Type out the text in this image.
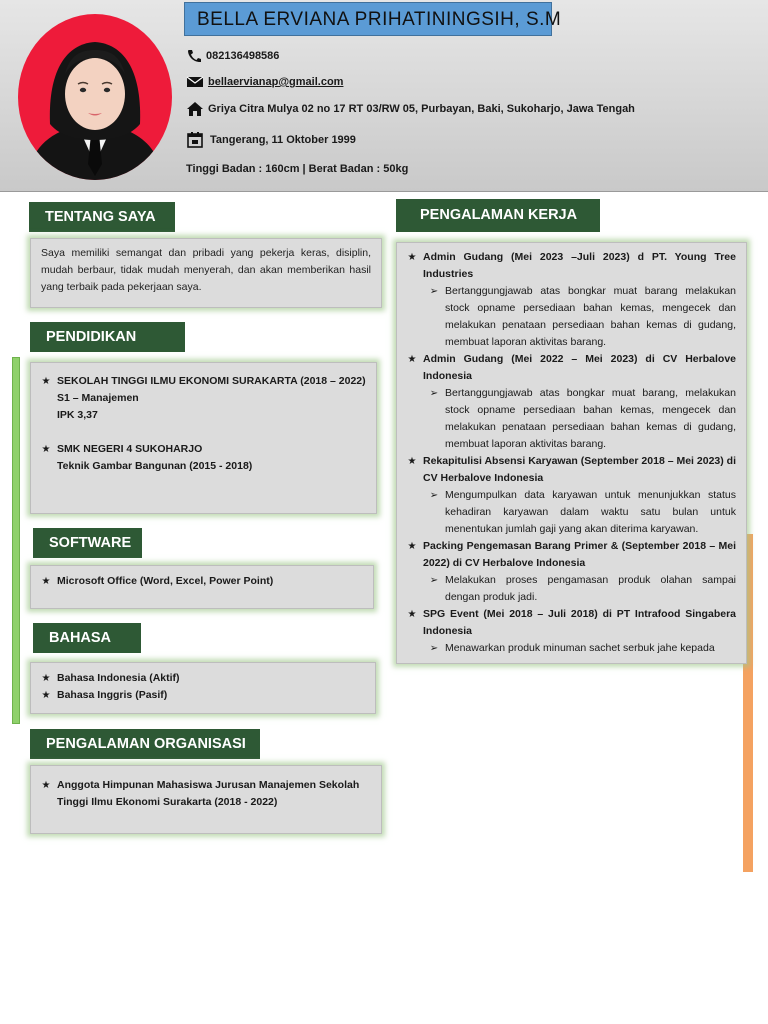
BELLA ERVIANA PRIHATININGSIH, S.M
082136498586
bellaervianap@gmail.com
Griya Citra Mulya 02 no 17 RT 03/RW 05, Purbayan, Baki, Sukoharjo, Jawa Tengah
Tangerang, 11 Oktober 1999
Tinggi Badan : 160cm | Berat Badan : 50kg
TENTANG SAYA
Saya memiliki semangat dan pribadi yang pekerja keras, disiplin, mudah berbaur, tidak mudah menyerah, dan akan memberikan hasil yang terbaik pada pekerjaan saya.
PENDIDIKAN
★ SEKOLAH TINGGI ILMU EKONOMI SURAKARTA (2018 – 2022)
S1 – Manajemen
IPK 3,37
★ SMK NEGERI 4 SUKOHARJO
Teknik Gambar Bangunan (2015 - 2018)
SOFTWARE
★ Microsoft Office (Word, Excel, Power Point)
BAHASA
★ Bahasa Indonesia (Aktif)
★ Bahasa Inggris (Pasif)
PENGALAMAN ORGANISASI
★ Anggota Himpunan Mahasiswa Jurusan Manajemen Sekolah Tinggi Ilmu Ekonomi Surakarta (2018 - 2022)
PENGALAMAN KERJA
★ Admin Gudang (Mei 2023 –Juli 2023) d PT. Young Tree Industries
➢ Bertanggungjawab atas bongkar muat barang melakukan stock opname persediaan bahan kemas, mengecek dan melakukan penataan persediaan bahan kemas di gudang, membuat laporan aktivitas barang.
★ Admin Gudang (Mei 2022 – Mei 2023) di CV Herbalove Indonesia
➢ Bertanggungjawab atas bongkar muat barang, melakukan stock opname persediaan bahan kemas, mengecek dan melakukan penataan persediaan bahan kemas di gudang, membuat laporan aktivitas barang.
★ Rekapitulisi Absensi Karyawan (September 2018 – Mei 2023) di CV Herbalove Indonesia
➢ Mengumpulkan data karyawan untuk menunjukkan status kehadiran karyawan dalam waktu satu bulan untuk menentukan jumlah gaji yang akan diterima karyawan.
★ Packing Pengemasan Barang Primer & (September 2018 – Mei 2022) di CV Herbalove Indonesia
➢ Melakukan proses pengamasan produk olahan sampai dengan produk jadi.
★ SPG Event (Mei 2018 – Juli 2018) di PT Intrafood Singabera Indonesia
➢ Menawarkan produk minuman sachet serbuk jahe kepada
